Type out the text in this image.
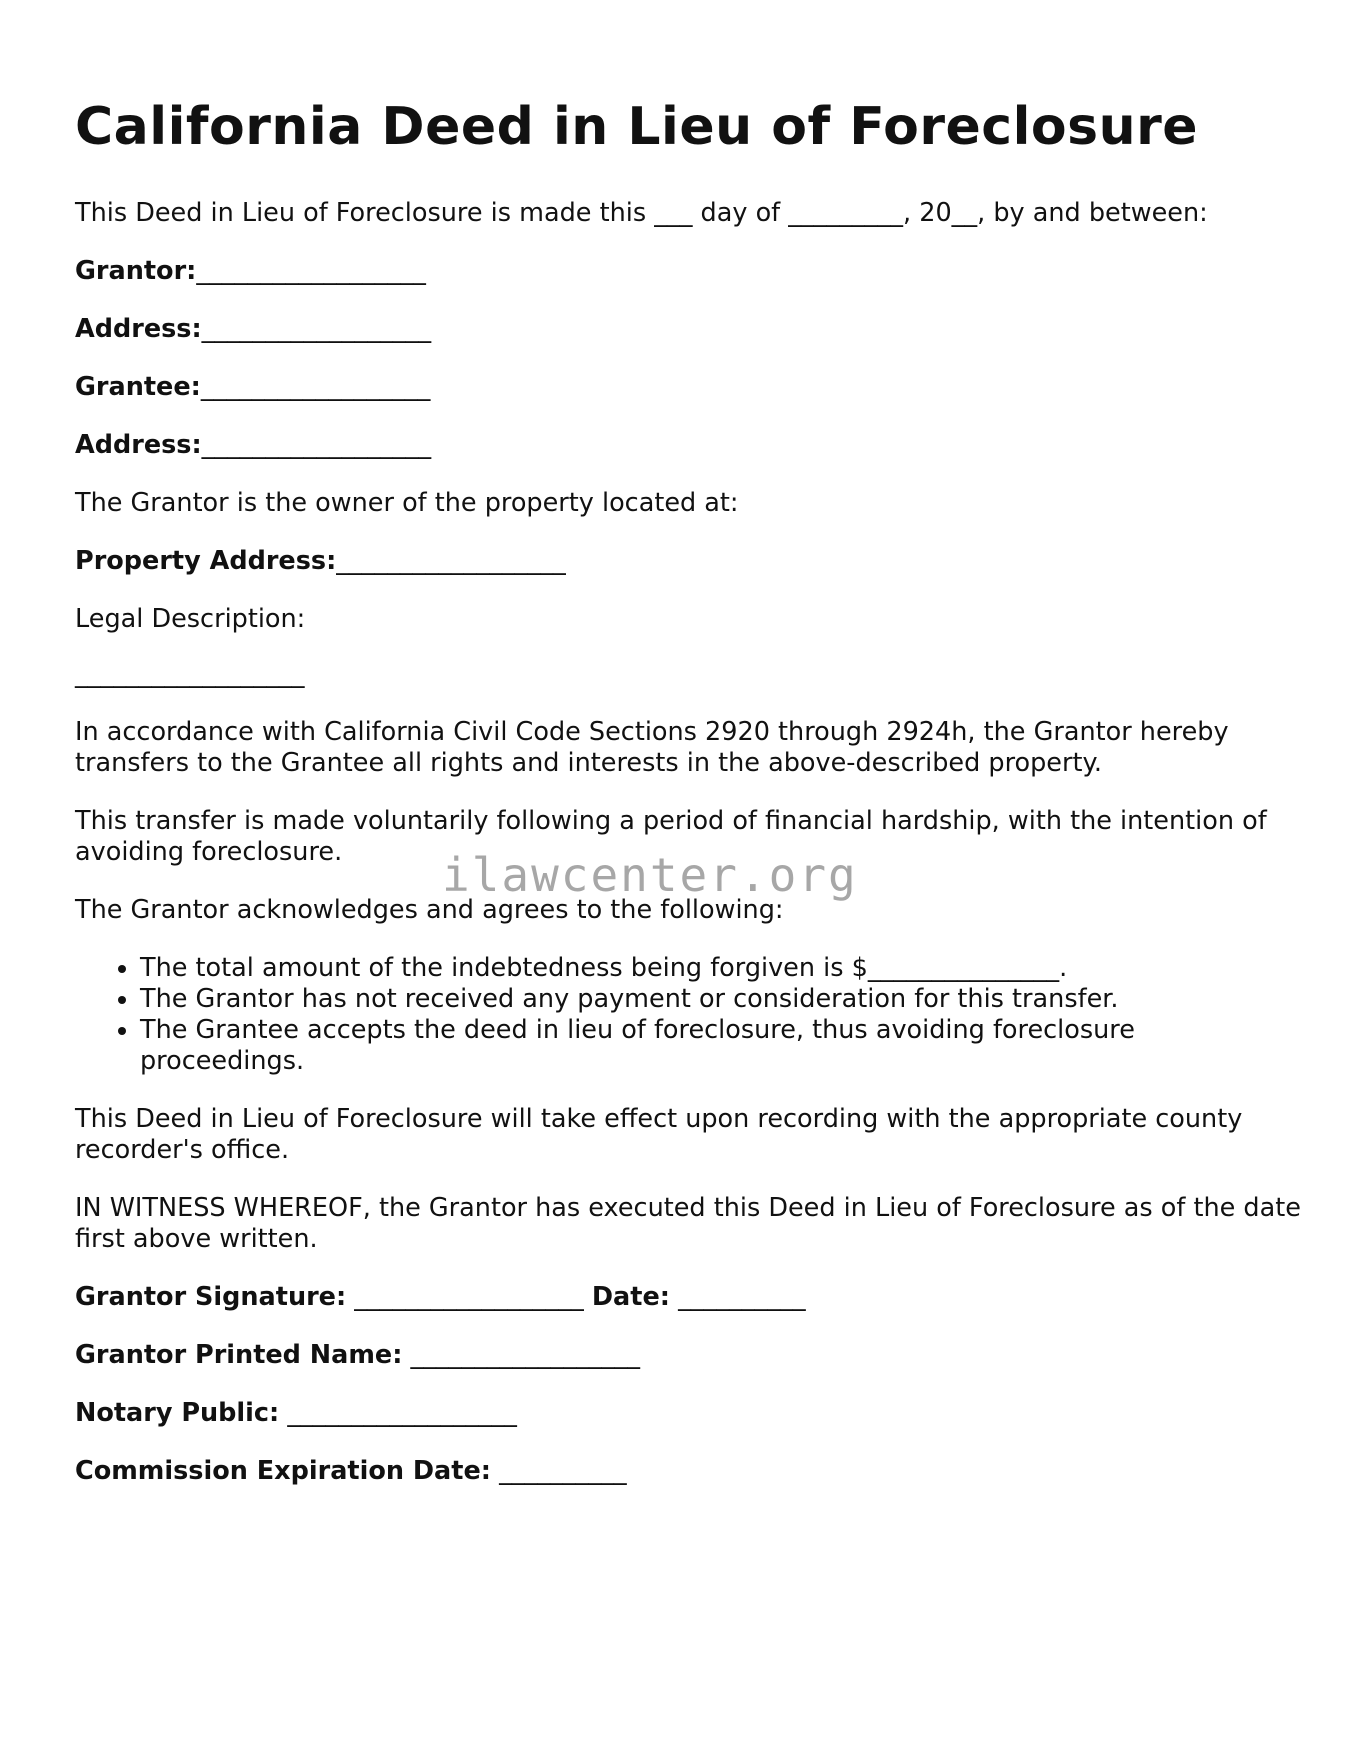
California Deed in Lieu of Foreclosure

This Deed in Lieu of Foreclosure is made this ___ day of _________, 20__, by and between:

Grantor:__________________

Address:__________________

Grantee:__________________

Address:__________________

The Grantor is the owner of the property located at:

Property Address:__________________

Legal Description:

__________________

In accordance with California Civil Code Sections 2920 through 2924h, the Grantor hereby transfers to the Grantee all rights and interests in the above-described property.

This transfer is made voluntarily following a period of financial hardship, with the intention of avoiding foreclosure.

The Grantor acknowledges and agrees to the following:

• The total amount of the indebtedness being forgiven is $_______________.
• The Grantor has not received any payment or consideration for this transfer.
• The Grantee accepts the deed in lieu of foreclosure, thus avoiding foreclosure proceedings.

This Deed in Lieu of Foreclosure will take effect upon recording with the appropriate county recorder's office.

IN WITNESS WHEREOF, the Grantor has executed this Deed in Lieu of Foreclosure as of the date first above written.

Grantor Signature: __________________ Date: __________

Grantor Printed Name: __________________

Notary Public: __________________

Commission Expiration Date: __________

ilawcenter.org
